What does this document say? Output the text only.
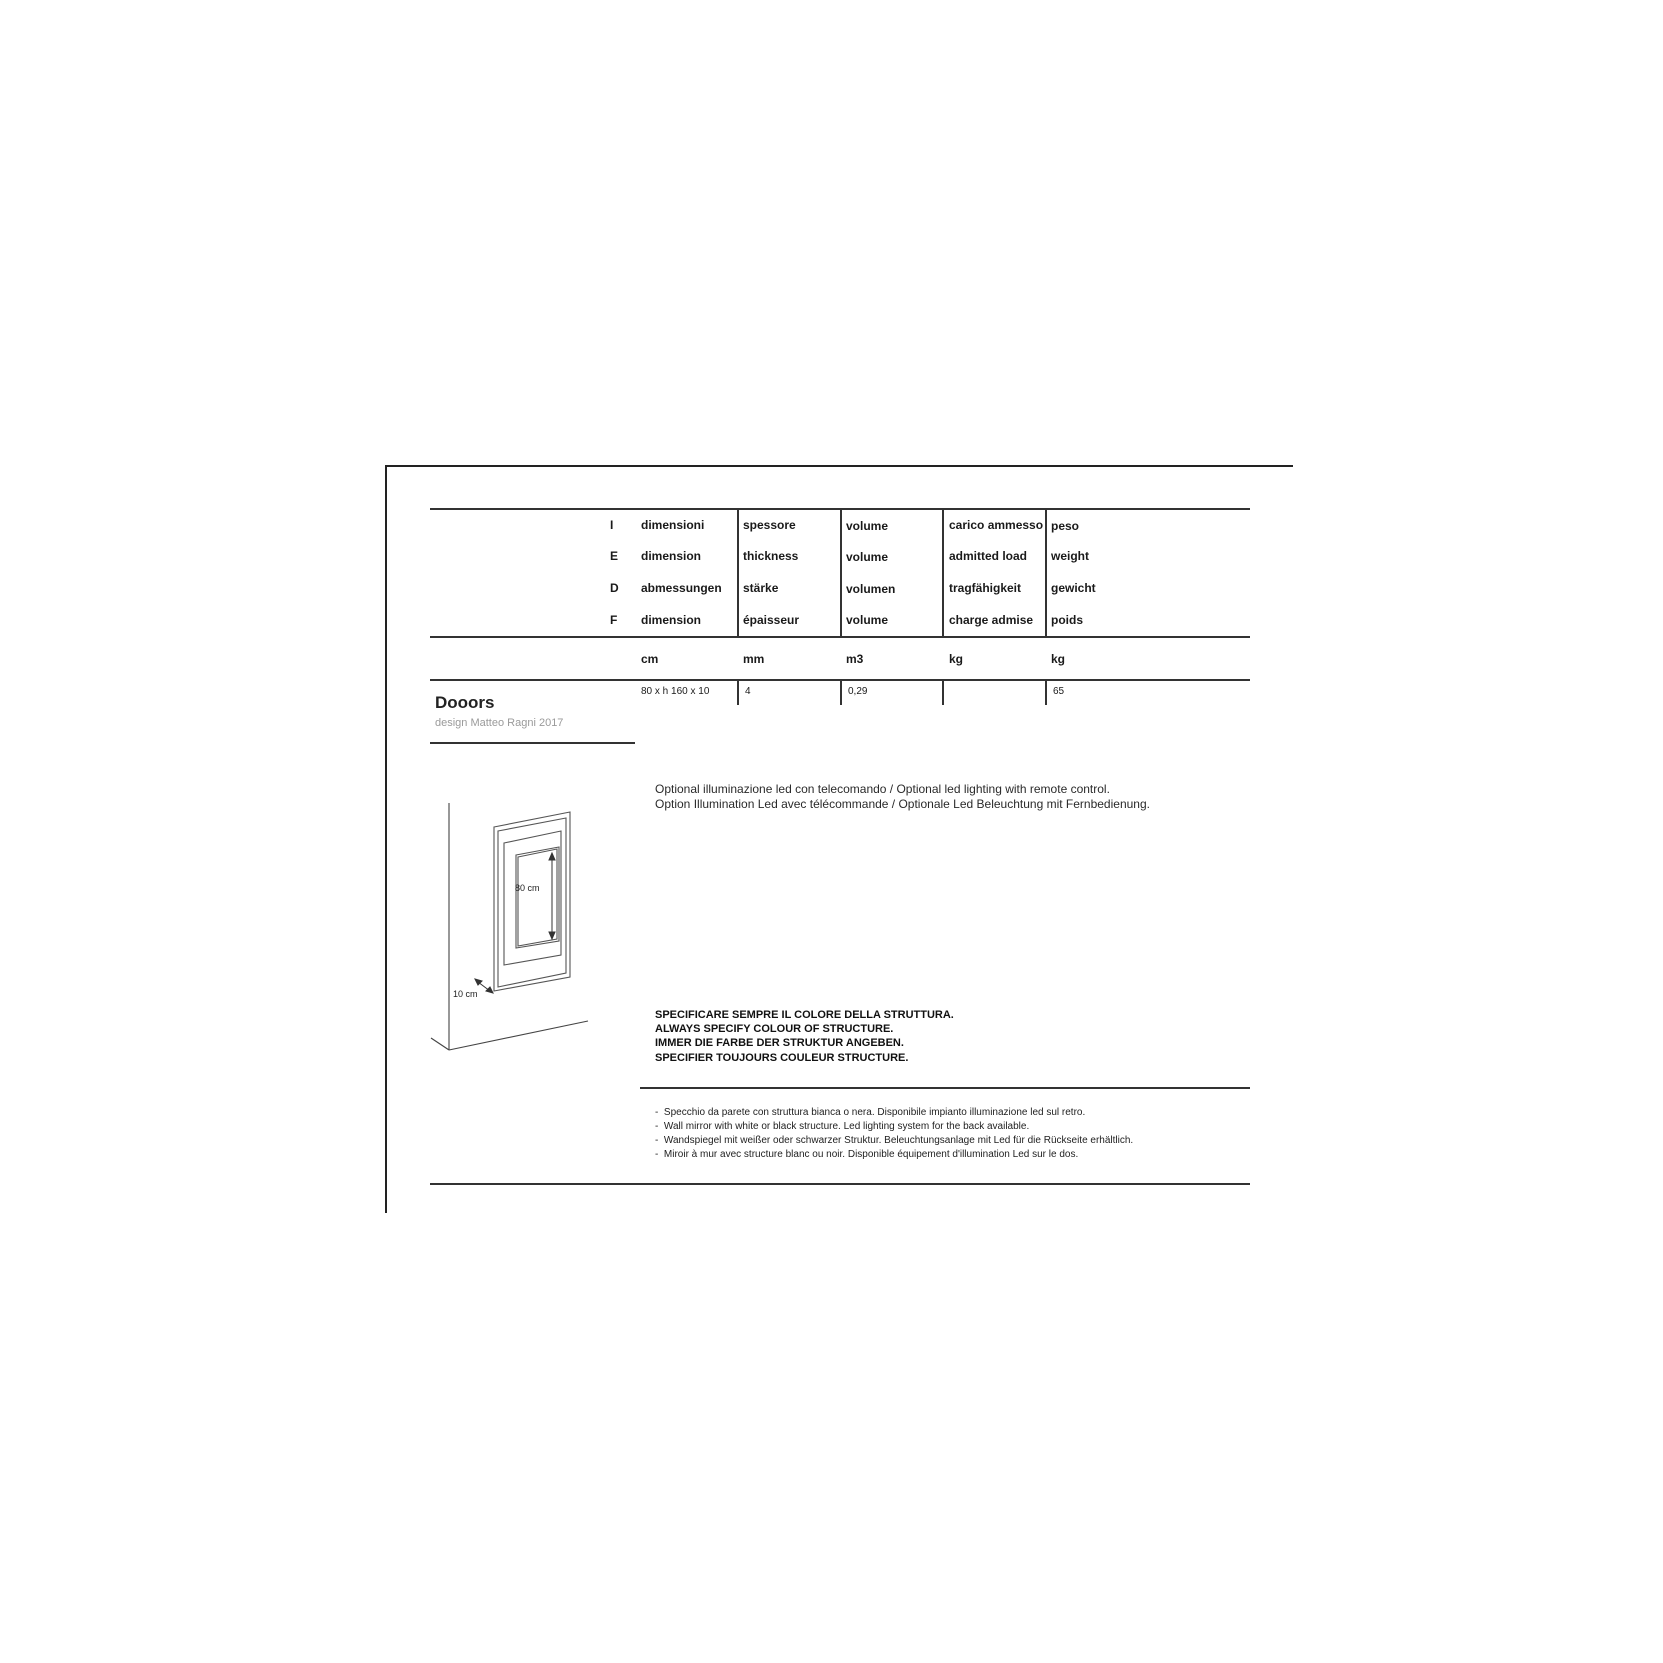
I
E
D
F
dimensioni
dimension
abmessungen
dimension
cm
80 x h 160 x 10
spessore
thickness
stärke
épaisseur
mm
4
volume
volume
volumen
volume
m3
0,29
carico ammesso
admitted load
tragfähigkeit
charge admise
kg
peso
weight
gewicht
poids
kg
65
Dooors
design Matteo Ragni 2017
80 cm
10 cm
Optional illuminazione led con telecomando / Optional led lighting with remote control.
Option Illumination Led avec télécommande / Optionale Led Beleuchtung mit Fernbedienung.
SPECIFICARE SEMPRE IL COLORE DELLA STRUTTURA.
ALWAYS SPECIFY COLOUR OF STRUCTURE.
IMMER DIE FARBE DER STRUKTUR ANGEBEN.
SPECIFIER TOUJOURS COULEUR STRUCTURE.
- Specchio da parete con struttura bianca o nera. Disponibile impianto illuminazione led sul retro.
- Wall mirror with white or black structure. Led lighting system for the back available.
- Wandspiegel mit weißer oder schwarzer Struktur. Beleuchtungsanlage mit Led für die Rückseite erhältlich.
- Miroir à mur avec structure blanc ou noir. Disponible équipement d'illumination Led sur le dos.
